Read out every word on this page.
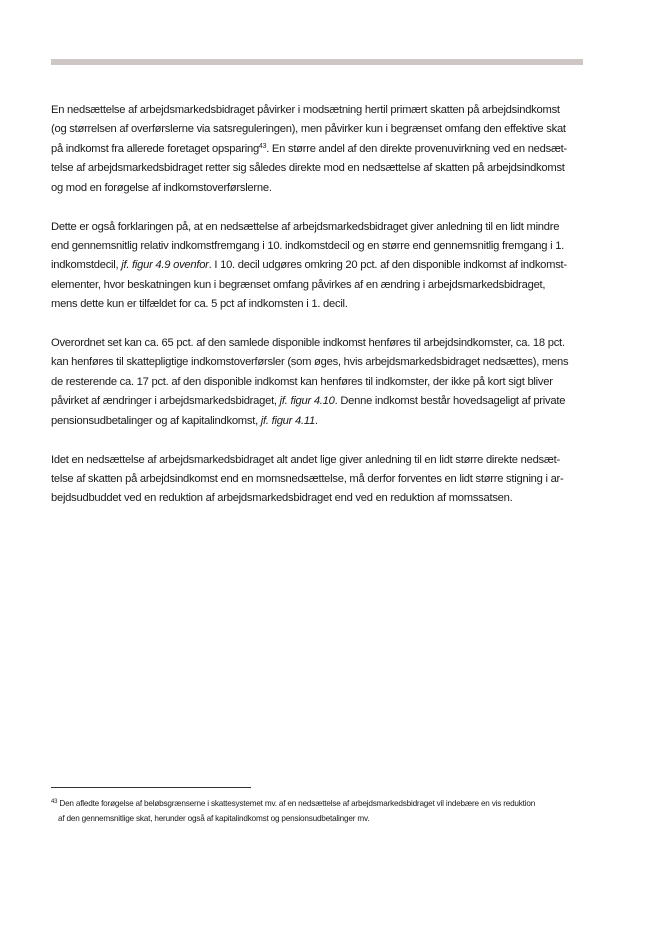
En nedsættelse af arbejdsmarkedsbidraget påvirker i modsætning hertil primært skatten på arbejdsindkomst
(og størrelsen af overførslerne via satsreguleringen), men påvirker kun i begrænset omfang den effektive skat
på indkomst fra allerede foretaget opsparing$^{43}$. En større andel af den direkte provenuvirkning ved en nedsæt-
telse af arbejdsmarkedsbidraget retter sig således direkte mod en nedsættelse af skatten på arbejdsindkomst
og mod en forøgelse af indkomstoverførslerne.

Dette er også forklaringen på, at en nedsættelse af arbejdsmarkedsbidraget giver anledning til en lidt mindre
end gennemsnitlig relativ indkomstfremgang i 10. indkomstdecil og en større end gennemsnitlig fremgang i 1.
indkomstdecil, jf. figur 4.9 ovenfor. I 10. decil udgøres omkring 20 pct. af den disponible indkomst af indkomst-
elementer, hvor beskatningen kun i begrænset omfang påvirkes af en ændring i arbejdsmarkedsbidraget,
mens dette kun er tilfældet for ca. 5 pct af indkomsten i 1. decil.

Overordnet set kan ca. 65 pct. af den samlede disponible indkomst henføres til arbejdsindkomster, ca. 18 pct.
kan henføres til skattepligtige indkomstoverførsler (som øges, hvis arbejdsmarkedsbidraget nedsættes), mens
de resterende ca. 17 pct. af den disponible indkomst kan henføres til indkomster, der ikke på kort sigt bliver
påvirket af ændringer i arbejdsmarkedsbidraget, jf. figur 4.10. Denne indkomst består hovedsageligt af private
pensionsudbetalinger og af kapitalindkomst, jf. figur 4.11.

Idet en nedsættelse af arbejdsmarkedsbidraget alt andet lige giver anledning til en lidt større direkte nedsæt-
telse af skatten på arbejdsindkomst end en momsnedsættelse, må derfor forventes en lidt større stigning i ar-
bejdsudbuddet ved en reduktion af arbejdsmarkedsbidraget end ved en reduktion af momssatsen.

$^{43}$ Den afledte forøgelse af beløbsgrænserne i skattesystemet mv. af en nedsættelse af arbejdsmarkedsbidraget vil indebære en vis reduktion
af den gennemsnitlige skat, herunder også af kapitalindkomst og pensionsudbetalinger mv.
